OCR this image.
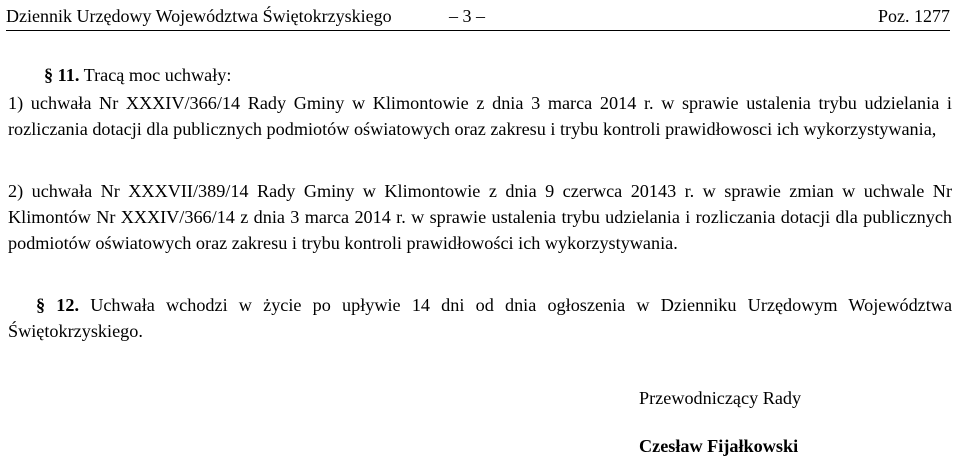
Dziennik Urzędowy Województwa Świętokrzyskiego	– 3 –	Poz. 1277
§ 11. Tracą moc uchwały:
1) uchwała Nr XXXIV/366/14 Rady Gminy w Klimontowie z dnia 3 marca 2014 r. w sprawie ustalenia trybu udzielania i rozliczania dotacji dla publicznych podmiotów oświatowych oraz zakresu i trybu kontroli prawidłowosci ich wykorzystywania,
2) uchwała Nr XXXVII/389/14 Rady Gminy w Klimontowie z dnia 9 czerwca 20143 r. w sprawie zmian w uchwale Nr Klimontów Nr XXXIV/366/14 z dnia 3 marca 2014 r. w sprawie ustalenia trybu udzielania i rozliczania dotacji dla publicznych podmiotów oświatowych oraz zakresu i trybu kontroli prawidłowości ich wykorzystywania.
§ 12. Uchwała wchodzi w życie po upływie 14 dni od dnia ogłoszenia w Dzienniku Urzędowym Województwa Świętokrzyskiego.
Przewodniczący Rady
Czesław Fijałkowski
